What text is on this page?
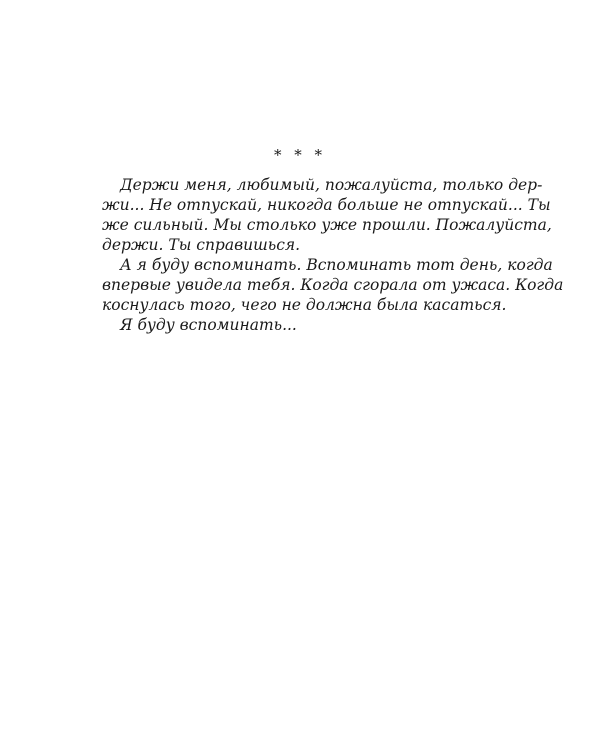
* * *
Держи меня, любимый, пожалуйста, только дер-
жи... Не отпускай, никогда больше не отпускай... Ты
же сильный. Мы столько уже прошли. Пожалуйста,
держи. Ты справишься.
А я буду вспоминать. Вспоминать тот день, когда
впервые увидела тебя. Когда сгорала от ужаса. Когда
коснулась того, чего не должна была касаться.
Я буду вспоминать...
